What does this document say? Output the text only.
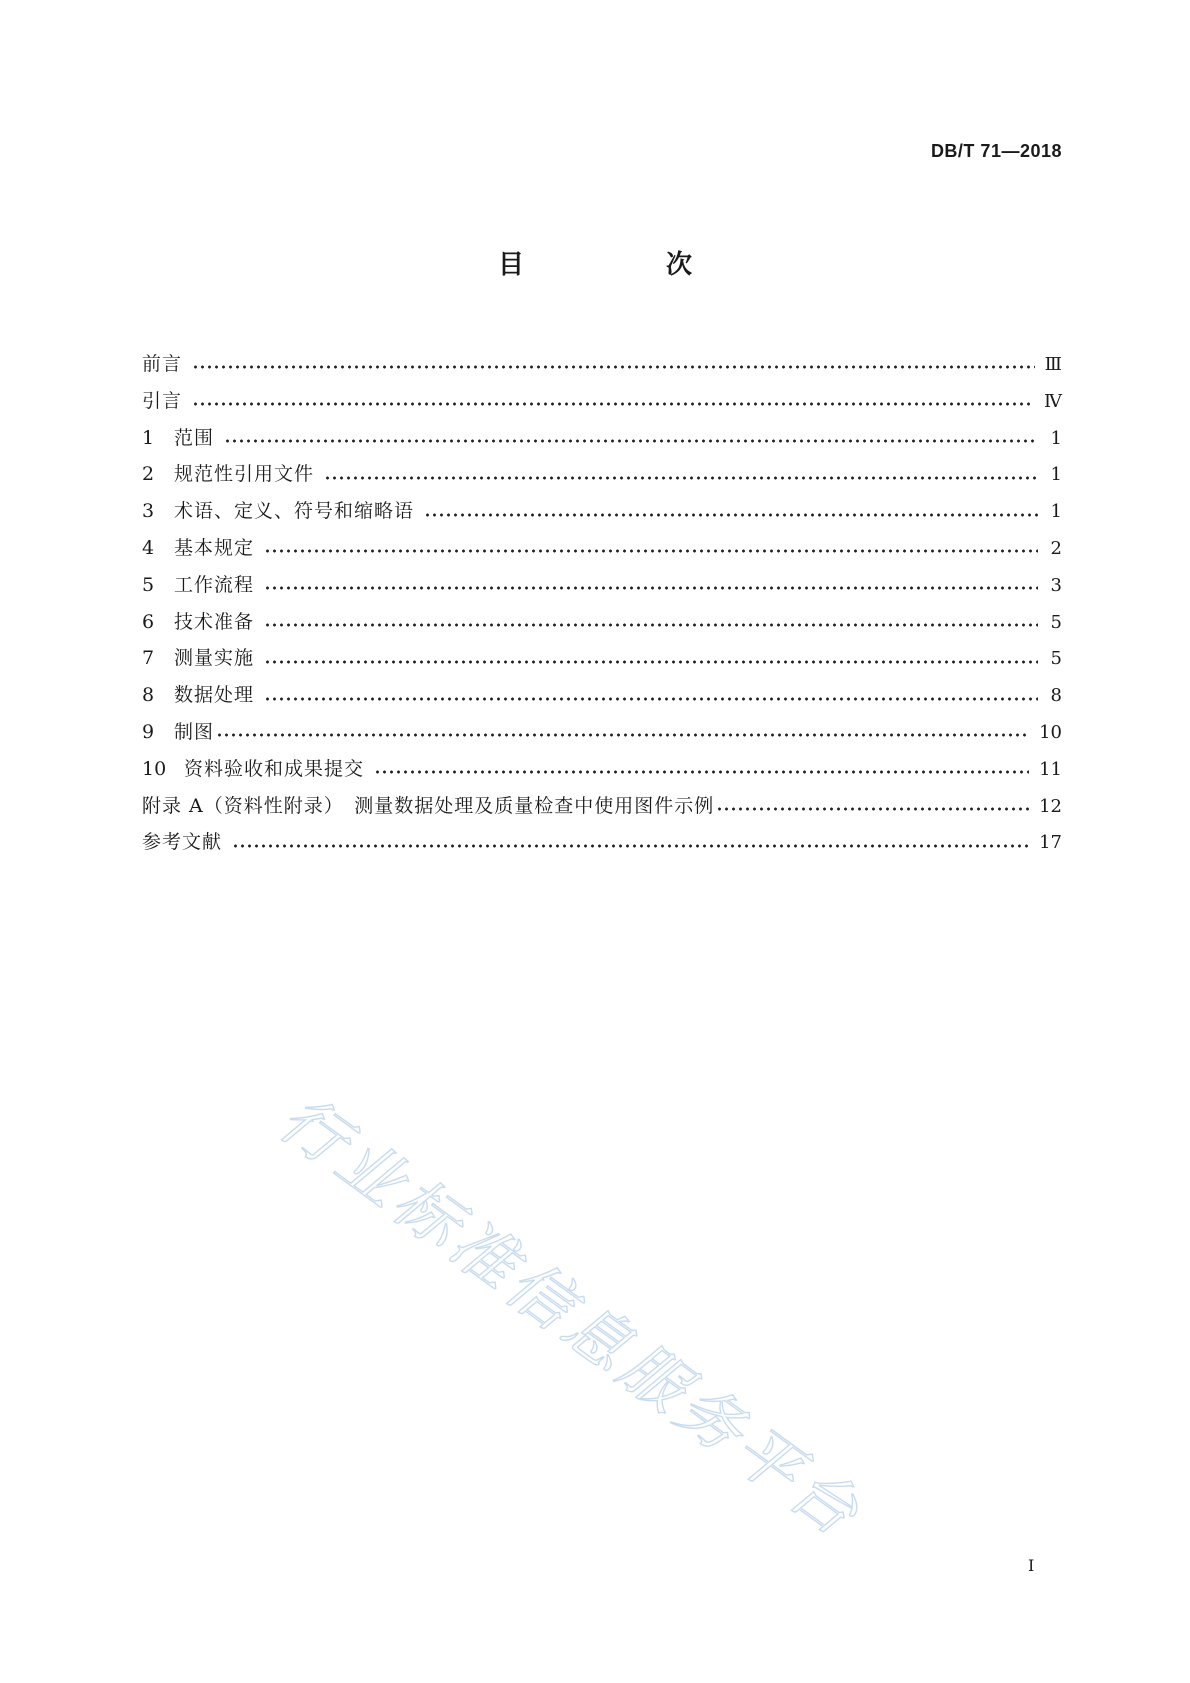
DB/T 71—2018
目　次
前言	Ⅲ
引言	Ⅳ
1	范围	1
2	规范性引用文件	1
3	术语、定义、符号和缩略语	1
4	基本规定	2
5	工作流程	3
6	技术准备	5
7	测量实施	5
8	数据处理	8
9	制图	10
10 资料验收和成果提交	11
附录 A（资料性附录）　测量数据处理及质量检查中使用图件示例	12
参考文献	17
行业标准信息服务平台
I
